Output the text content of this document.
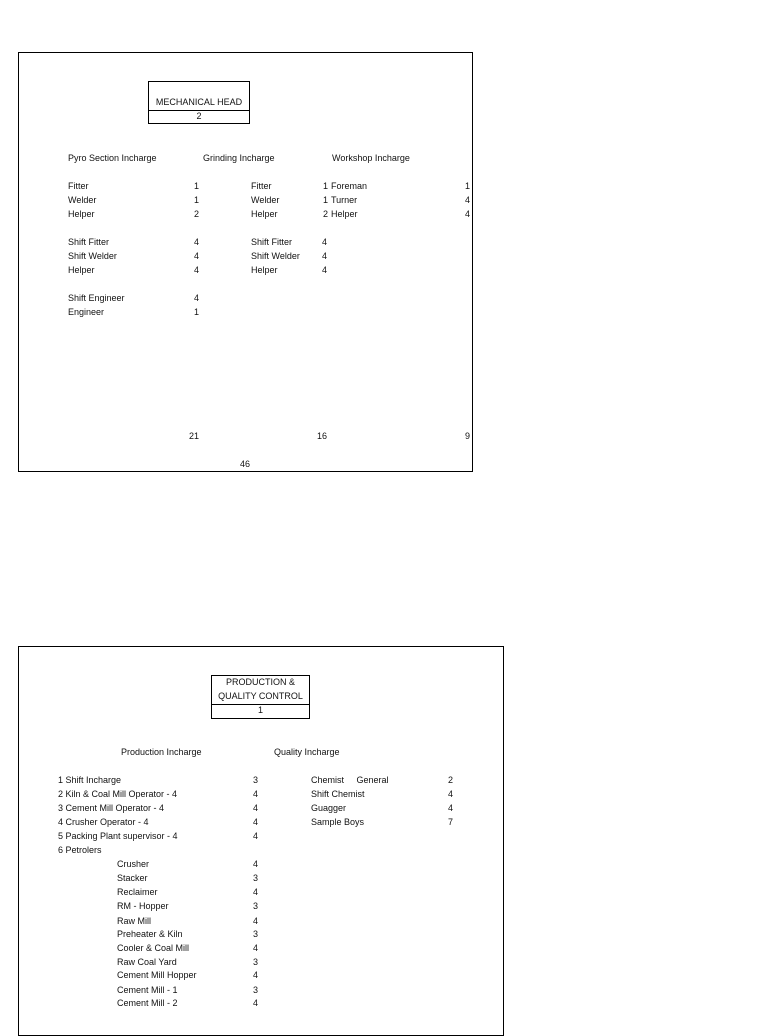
MECHANICAL HEAD
2
Pyro Section Incharge	Grinding Incharge	Workshop Incharge
Fitter	1
Welder	1
Helper	2
Shift Fitter	4
Shift Welder	4
Helper	4
Shift Engineer	4
Engineer	1
Fitter	1
Welder	1
Helper	2
Shift Fitter	4
Shift Welder 4
Helper	4
Foreman	1
Turner	4
Helper	4
21	16	9
46
PRODUCTION &
QUALITY CONTROL
1
Production Incharge	Quality Incharge
1 Shift Incharge	3
2 Kiln & Coal Mill Operator - 4	4
3 Cement Mill Operator - 4	4
4 Crusher Operator - 4	4
5 Packing Plant supervisor - 4	4
6 Petrolers
Crusher	4
Stacker	3
Reclaimer	4
RM - Hopper	3
Raw Mill	4
Preheater & Kiln	3
Cooler & Coal Mill	4
Raw Coal Yard	3
Cement Mill Hopper	4
Cement Mill - 1	3
Cement Mill - 2	4
Chemist     General	2
Shift Chemist	4
Guagger	4
Sample Boys	7
